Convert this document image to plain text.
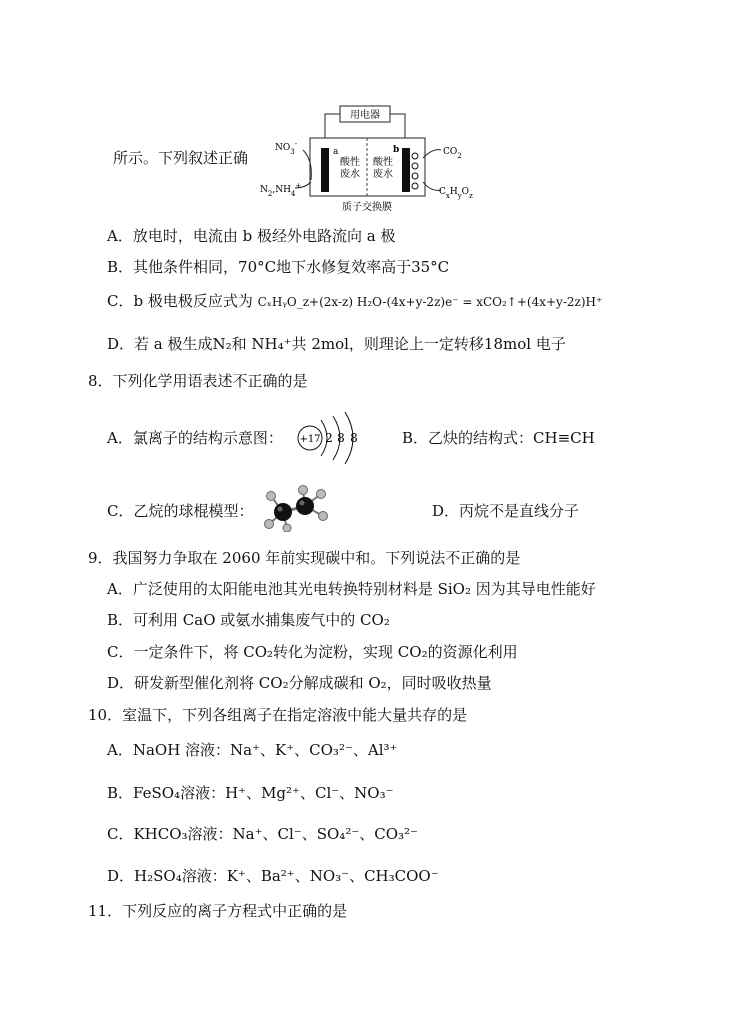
用电器
a	b
酸性废水
酸性废水
$NO_3^-$
$N_2,NH_4^+$
$CO_2$
$C_xH_yO_z$
质子交换膜
所示。下列叙述正确
A．放电时，电流由 b 极经外电路流向 a 极
B．其他条件相同，70°C地下水修复效率高于35°C
C．b 极电极反应式为 CₓHᵧO_z+(2x-z) H₂O-(4x+y-2z)e⁻ = xCO₂↑+(4x+y-2z)H⁺
D．若 a 极生成N₂和 NH₄⁺共 2mol，则理论上一定转移18mol 电子
8．下列化学用语表述不正确的是
A．氯离子的结构示意图： +17 2 8 8	B．乙炔的结构式：CH≡CH
C．乙烷的球棍模型：	D．丙烷不是直线分子
9．我国努力争取在 2060 年前实现碳中和。下列说法不正确的是
A．广泛使用的太阳能电池其光电转换特别材料是 SiO₂ 因为其导电性能好
B．可利用 CaO 或氨水捕集废气中的 CO₂
C．一定条件下，将 CO₂转化为淀粉，实现 CO₂的资源化利用
D．研发新型催化剂将 CO₂分解成碳和 O₂，同时吸收热量
10．室温下，下列各组离子在指定溶液中能大量共存的是
A．NaOH 溶液：Na⁺、K⁺、CO₃²⁻、Al³⁺
B．FeSO₄溶液：H⁺、Mg²⁺、Cl⁻、NO₃⁻
C．KHCO₃溶液：Na⁺、Cl⁻、SO₄²⁻、CO₃²⁻
D．H₂SO₄溶液：K⁺、Ba²⁺、NO₃⁻、CH₃COO⁻
11．下列反应的离子方程式中正确的是
